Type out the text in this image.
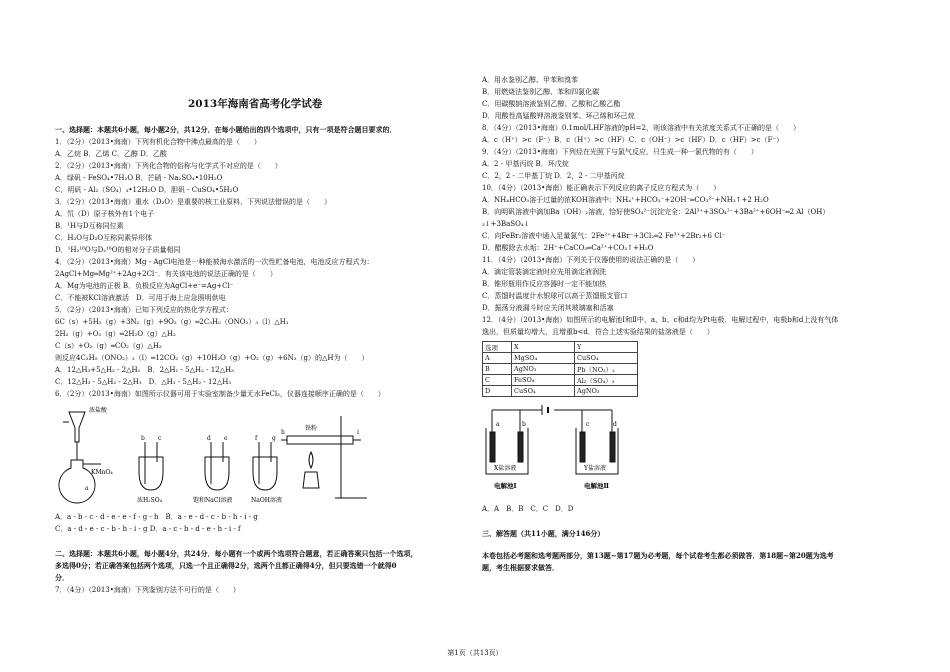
2013年海南省高考化学试卷
一、选择题：本题共6小题，每小题2分，共12分．在每小题给出的四个选项中，只有一项是符合题目要求的．
1．（2分）（2013•海南）下列有机化合物中沸点最高的是（　　）
A．乙烷 B．乙烯 C．乙醇 D．乙酸
2．（2分）（2013•海南）下列化合物的俗称与化学式不对应的是（　　）
A．绿矾 - FeSO₄•7H₂O B．芒硝 - Na₂SO₄•10H₂O
C．明矾 - Al₂（SO₄）₃•12H₂O D．胆矾 - CuSO₄•5H₂O
3．（2分）（2013•海南）重水（D₂O）是重要的核工业原料，下列说法错误的是（　　）
A．氘（D）原子核外有1个电子
B．¹H与D互称同位素
C．H₂O与D₂O互称同素异形体
D．¹H₂¹⁸O与D₂¹⁶O的相对分子质量相同
4．（2分）（2013•海南）Mg - AgCl电池是一种能被海水激活的一次性贮备电池，电池反应方程式为：
2AgCl+Mg═Mg²⁺+2Ag+2Cl⁻．有关该电池的说法正确的是（　　）
A．Mg为电池的正极 B．负极反应为AgCl+e⁻=Ag+Cl⁻
C．不能被KCl溶液激活　D．可用于海上应急照明供电
5．（2分）（2013•海南）已知下列反应的热化学方程式：
6C（s）+5H₂（g）+3N₂（g）+9O₂（g）═2C₃H₅（ONO₂）₃（l）△H₁
2H₂（g）+O₂（g）═2H₂O（g）△H₂
C（s）+O₂（g）═CO₂（g）△H₃
则反应4C₃H₅（ONO₂）₃（l）═12CO₂（g）+10H₂O（g）+O₂（g）+6N₂（g）的△H为（　　）
A．12△H₃+5△H₂ - 2△H₁　B．2△H₁ - 5△H₂ - 12△H₃
C．12△H₃ - 5△H₂ - 2△H₁　D．△H₁ - 5△H₂ - 12△H₃
6．（2分）（2013•海南）如图所示仪器可用于实验室制备少量无水FeCl₃，仪器连接顺序正确的是（　　）
a
b c	d e	f g
h	i
浓盐酸
KMnO₄
浓H₂SO₄	饱和NaCl溶液	NaOH溶液
铁粉
A．a - b - c - d - e - e - f - g - h　B．a - e - d - c - b - h - i - g
C．a - d - e - c - b - h - i - g D．a - c - b - d - e - h - i - f
二、选择题：本题共6小题，每小题4分，共24分．每小题有一个或两个选项符合题意，若正确答案只包括一个选项，
多选得0分；若正确答案包括两个选项，只选一个且正确得2分，选两个且都正确得4分，但只要选错一个就得0
分．
7．（4分）（2013•海南）下列鉴别方法不可行的是（　　）
A．用水鉴别乙醇、甲苯和溴苯
B．用燃烧法鉴别乙醇、苯和四氯化碳
C．用碳酸钠溶液鉴别乙醇、乙酸和乙酸乙酯
D．用酸性高锰酸钾溶液鉴别苯、环己烯和环己烷
8．（4分）（2013•海南）0.1mol/LHF溶液的pH=2，则该溶液中有关浓度关系式不正确的是（　　）
A．c（H⁺）>c（F⁻）B．c（H⁺）>c（HF）C．c（OH⁻）>c（HF）D．c（HF）>c（F⁻）
9．（4分）（2013•海南）下列烃在光照下与氯气反应，只生成一种一氯代物的有（　　）
A．2 - 甲基丙烷 B．环戊烷
C．2，2 - 二甲基丁烷 D．2，2 - 二甲基丙烷
10．（4分）（2013•海南）能正确表示下列反应的离子反应方程式为（　　）
A．NH₄HCO₃溶于过量的浓KOH溶液中：NH₄⁺+HCO₃⁻+2OH⁻═CO₃²⁻+NH₃↑+2 H₂O
B．向明矾溶液中滴加Ba（OH）₂溶液，恰好使SO₄²⁻沉淀完全：2Al³⁺+3SO₄²⁻+3Ba²⁺+6OH⁻═2 Al（OH）
₃↓+3BaSO₄↓
C．向FeBr₂溶液中通入足量氯气：2Fe²⁺+4Br⁻+3Cl₂═2 Fe³⁺+2Br₂+6 Cl⁻
D．醋酸除去水垢：2H⁺+CaCO₃═Ca²⁺+CO₂↑+H₂O
11．（4分）（2013•海南）下列关于仪器使用的说法正确的是（　　）
A．滴定管装滴定液时应先用滴定液润洗
B．锥形瓶用作反应容器时一定不能加热
C．蒸馏时温度计水银球可以高于蒸馏瓶支管口
D．振荡分液漏斗时应关闭其玻璃塞和活塞
12．（4分）（2013•海南）如图所示的电解池Ⅰ和Ⅱ中，a、b、c和d均为Pt电极．电解过程中，电极b和d上没有气体
逸出，但质量均增大，且增重b<d．符合上述实验结果的盐溶液是（　　）
选项	X	Y
A	MgSO₄	CuSO₄
B	AgNO₃	Pb（NO₃）₂
C	FeSO₄	Al₂（SO₄）₃
D	CuSO₄	AgNO₃
a	b	c	d
X盐溶液	Y盐溶液
电解池Ⅰ	电解池Ⅱ
A．A　B．B　C．C　D．D
三、解答题（共11小题，满分146分）
本卷包括必考题和选考题两部分，第13题~第17题为必考题，每个试卷考生都必须做答．第18题~第20题为选考
题，考生根据要求做答．
第1页（共13页）
